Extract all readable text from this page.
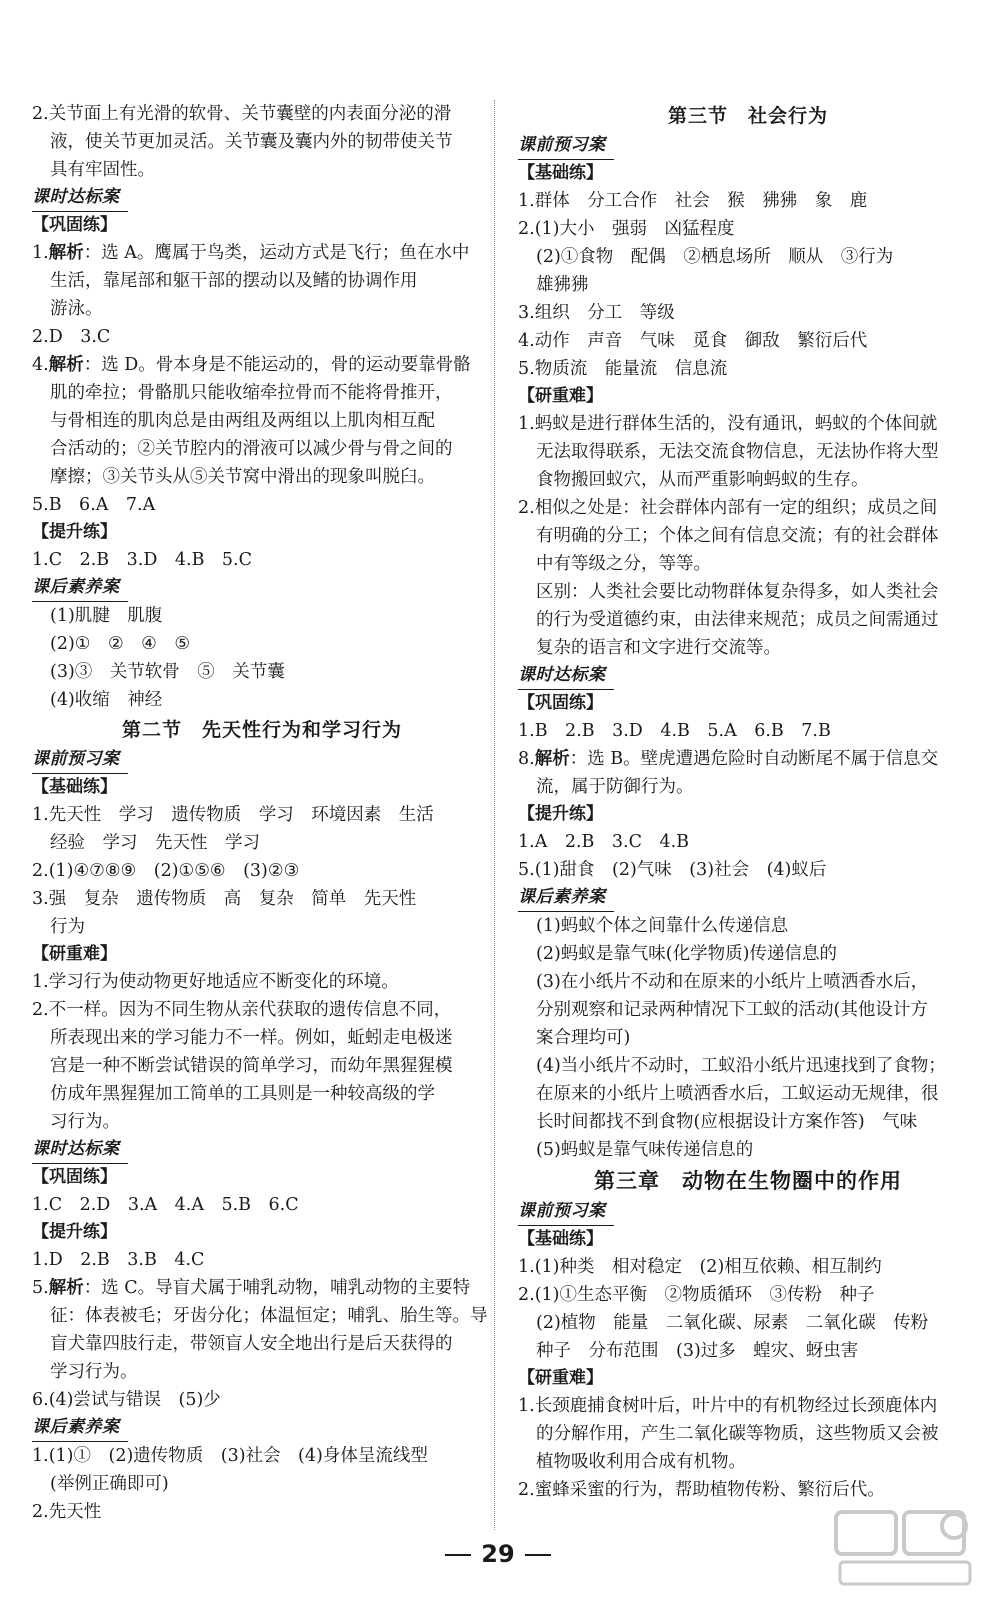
2.关节面上有光滑的软骨、关节囊壁的内表面分泌的滑
液，使关节更加灵活。关节囊及囊内外的韧带使关节
具有牢固性。
课时达标案
【巩固练】
1.解析：选 A。鹰属于鸟类，运动方式是飞行；鱼在水中
生活，靠尾部和躯干部的摆动以及鳍的协调作用
游泳。
2.D　3.C
4.解析：选 D。骨本身是不能运动的，骨的运动要靠骨骼
肌的牵拉；骨骼肌只能收缩牵拉骨而不能将骨推开，
与骨相连的肌肉总是由两组及两组以上肌肉相互配
合活动的；②关节腔内的滑液可以减少骨与骨之间的
摩擦；③关节头从⑤关节窝中滑出的现象叫脱臼。
5.B　6.A　7.A
【提升练】
1.C　2.B　3.D　4.B　5.C
课后素养案
(1)肌腱　肌腹
(2)①　②　④　⑤
(3)③　关节软骨　⑤　关节囊
(4)收缩　神经
第二节　先天性行为和学习行为
课前预习案
【基础练】
1.先天性　学习　遗传物质　学习　环境因素　生活
经验　学习　先天性　学习
2.(1)④⑦⑧⑨　(2)①⑤⑥　(3)②③
3.强　复杂　遗传物质　高　复杂　简单　先天性
行为
【研重难】
1.学习行为使动物更好地适应不断变化的环境。
2.不一样。因为不同生物从亲代获取的遗传信息不同，
所表现出来的学习能力不一样。例如，蚯蚓走电极迷
宫是一种不断尝试错误的简单学习，而幼年黑猩猩模
仿成年黑猩猩加工简单的工具则是一种较高级的学
习行为。
课时达标案
【巩固练】
1.C　2.D　3.A　4.A　5.B　6.C
【提升练】
1.D　2.B　3.B　4.C
5.解析：选 C。导盲犬属于哺乳动物，哺乳动物的主要特
征：体表被毛；牙齿分化；体温恒定；哺乳、胎生等。导
盲犬靠四肢行走，带领盲人安全地出行是后天获得的
学习行为。
6.(4)尝试与错误　(5)少
课后素养案
1.(1)①　(2)遗传物质　(3)社会　(4)身体呈流线型
(举例正确即可)
2.先天性
第三节　社会行为
课前预习案
【基础练】
1.群体　分工合作　社会　猴　狒狒　象　鹿
2.(1)大小　强弱　凶猛程度
(2)①食物　配偶　②栖息场所　顺从　③行为
雄狒狒
3.组织　分工　等级
4.动作　声音　气味　觅食　御敌　繁衍后代
5.物质流　能量流　信息流
【研重难】
1.蚂蚁是进行群体生活的，没有通讯，蚂蚁的个体间就
无法取得联系，无法交流食物信息，无法协作将大型
食物搬回蚁穴，从而严重影响蚂蚁的生存。
2.相似之处是：社会群体内部有一定的组织；成员之间
有明确的分工；个体之间有信息交流；有的社会群体
中有等级之分，等等。
区别：人类社会要比动物群体复杂得多，如人类社会
的行为受道德约束，由法律来规范；成员之间需通过
复杂的语言和文字进行交流等。
课时达标案
【巩固练】
1.B　2.B　3.D　4.B　5.A　6.B　7.B
8.解析：选 B。壁虎遭遇危险时自动断尾不属于信息交
流，属于防御行为。
【提升练】
1.A　2.B　3.C　4.B
5.(1)甜食　(2)气味　(3)社会　(4)蚁后
课后素养案
(1)蚂蚁个体之间靠什么传递信息
(2)蚂蚁是靠气味(化学物质)传递信息的
(3)在小纸片不动和在原来的小纸片上喷洒香水后，
分别观察和记录两种情况下工蚁的活动(其他设计方
案合理均可)
(4)当小纸片不动时，工蚁沿小纸片迅速找到了食物；
在原来的小纸片上喷洒香水后，工蚁运动无规律，很
长时间都找不到食物(应根据设计方案作答)　气味
(5)蚂蚁是靠气味传递信息的
第三章　动物在生物圈中的作用
课前预习案
【基础练】
1.(1)种类　相对稳定　(2)相互依赖、相互制约
2.(1)①生态平衡　②物质循环　③传粉　种子
(2)植物　能量　二氧化碳、尿素　二氧化碳　传粉
种子　分布范围　(3)过多　蝗灾、蚜虫害
【研重难】
1.长颈鹿捕食树叶后，叶片中的有机物经过长颈鹿体内
的分解作用，产生二氧化碳等物质，这些物质又会被
植物吸收利用合成有机物。
2.蜜蜂采蜜的行为，帮助植物传粉、繁衍后代。
29
